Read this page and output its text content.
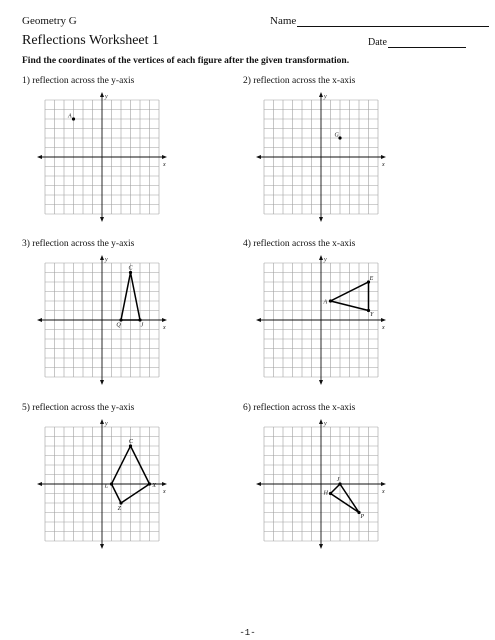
Geometry G	Name
Reflections Worksheet 1	Date
Find the coordinates of the vertices of each figure after the given transformation.
1) reflection across the y-axis	2) reflection across the x-axis
3) reflection across the y-axis	4) reflection across the x-axis
5) reflection across the y-axis	6) reflection across the x-axis
x
y
A
x
y
G
x
y
C
J
Q	x
y
E
Y
A
x
y
C
X
Z
L
x
y
J
P
H
-1-
